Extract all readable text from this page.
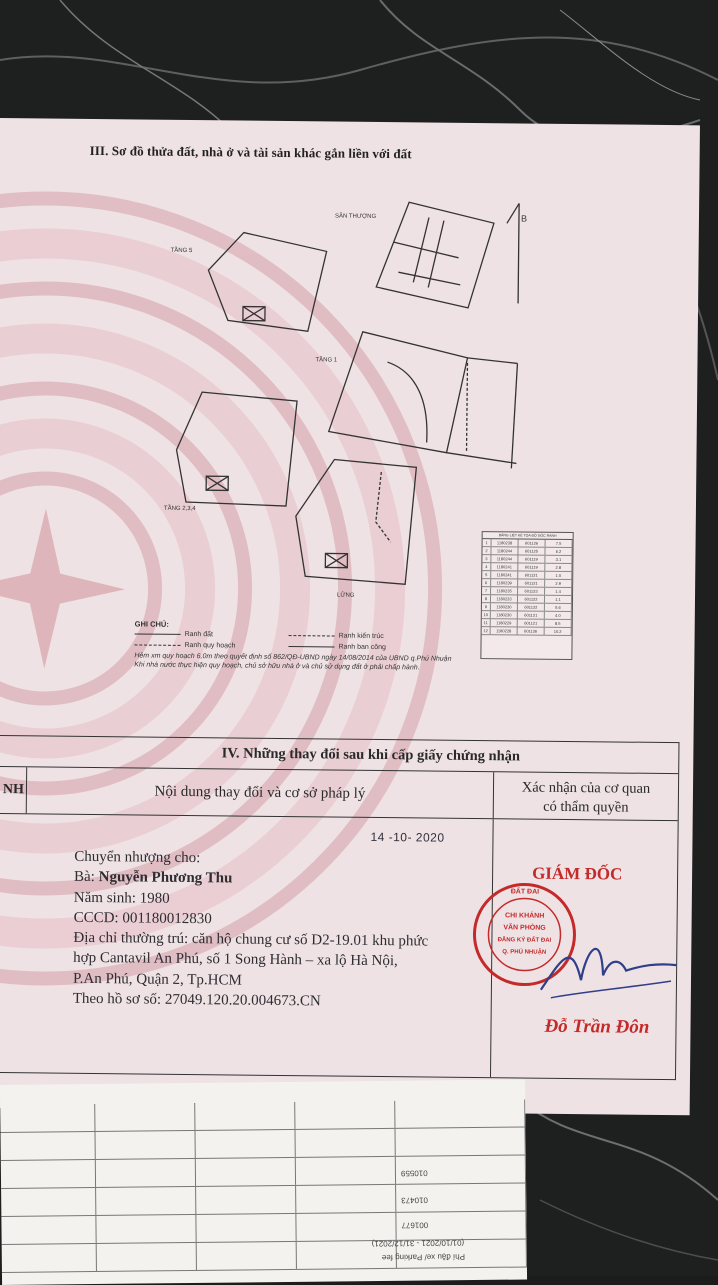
III. Sơ đồ thửa đất, nhà ở và tài sản khác gắn liền với đất
SÂN THƯỢNG
TẦNG 5
TẦNG 1
TẦNG 2,3,4
LỬNG
B
BẢNG LIỆT KÊ TỌA ĐỘ GÓC RANH
1	1180238	601126	7.5
2	1180244	601125	6.2
3	1180244	601119	3.1
4	1180241	601119	2.8
5	1180241	601121	1.0
6	1180239	601121	2.9
7	1180235	601123	1.4
8	1180233	601122	1.1
9	1180230	601122	5.6
10	1180230	601121	4.0
11	1180229	601121	8.5
12	1180228	601126	10.2
GHI CHÚ:
Ranh đất	Ranh kiến trúc
Ranh quy hoạch	Ranh ban công
Hẻm xm quy hoạch 6,0m theo quyết định số 862/QĐ-UBND ngày 14/08/2014 của UBND q.Phú Nhuận
Khi nhà nước thực hiện quy hoạch, chủ sở hữu nhà ở và chủ sử dụng đất ở phải chấp hành.
IV. Những thay đổi sau khi cấp giấy chứng nhận
NH	Nội dung thay đổi và cơ sở pháp lý	Xác nhận của cơ quan
có thẩm quyền
14 -10- 2020
Chuyển nhượng cho:
Bà: Nguyễn Phương Thu
Năm sinh: 1980
CCCD: 001180012830
Địa chỉ thường trú: căn hộ chung cư số D2-19.01 khu phức
hợp Cantavil An Phú, số 1 Song Hành – xa lộ Hà Nội,
P.An Phú, Quận 2, Tp.HCM
Theo hồ sơ số: 27049.120.20.004673.CN
GIÁM ĐỐC
ĐẤT ĐAI
CHI KHÁNH
VĂN PHÒNG
ĐĂNG KÝ ĐẤT ĐAI
Q. PHÚ NHUẬN
Đỗ Trần Đôn
010559
010473
001677
(01/10/2021 - 31/12/2021)
Phí đậu xe/ Parking fee
